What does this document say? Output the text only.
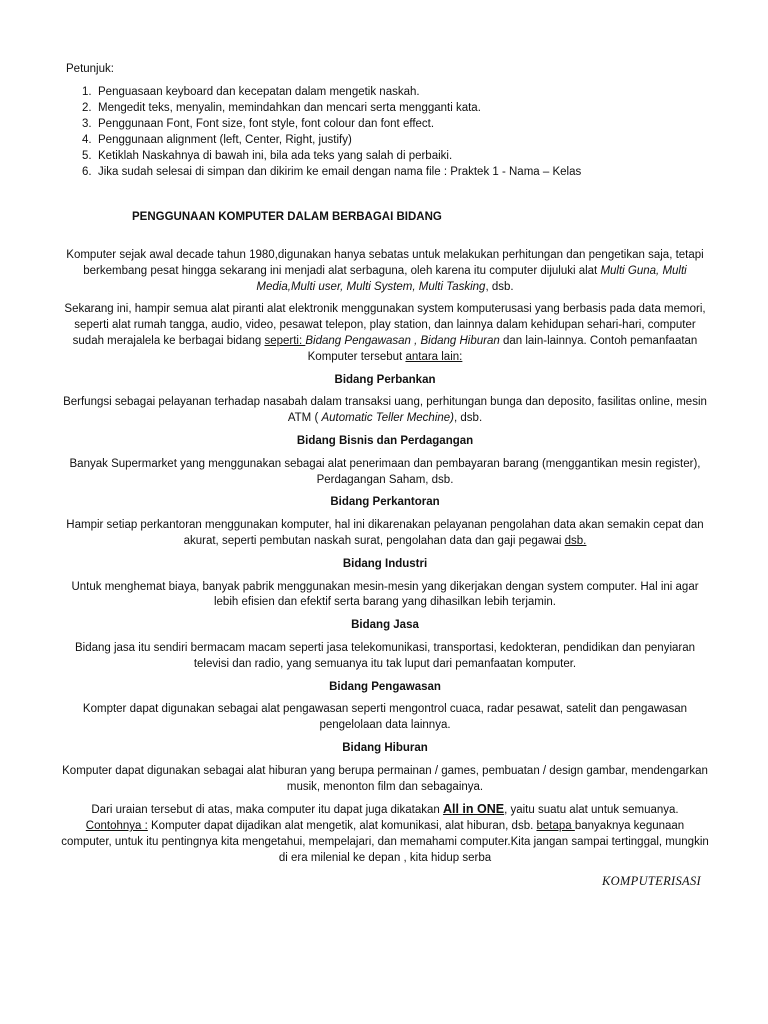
Petunjuk:
1. Penguasaan keyboard dan kecepatan dalam mengetik naskah.
2. Mengedit teks, menyalin, memindahkan dan mencari serta mengganti kata.
3. Penggunaan Font, Font size, font style, font colour dan font effect.
4. Penggunaan alignment (left, Center, Right, justify)
5. Ketiklah Naskahnya di bawah ini, bila ada teks yang salah di perbaiki.
6. Jika sudah selesai di simpan dan dikirim ke email dengan nama file : Praktek 1 - Nama – Kelas
PENGGUNAAN KOMPUTER DALAM BERBAGAI BIDANG

Komputer sejak awal decade tahun 1980,digunakan hanya sebatas untuk melakukan perhitungan dan pengetikan saja, tetapi berkembang pesat hingga sekarang ini menjadi alat serbaguna, oleh karena itu computer dijuluki alat Multi Guna, Multi Media,Multi user, Multi System, Multi Tasking, dsb.

Sekarang ini, hampir semua alat piranti alat elektronik menggunakan system komputerusasi yang berbasis pada data memori, seperti alat rumah tangga, audio, video, pesawat telepon, play station, dan lainnya dalam kehidupan sehari-hari, computer sudah merajalela ke berbagai bidang seperti: Bidang Pengawasan , Bidang Hiburan dan lain-lainnya. Contoh pemanfaatan Komputer tersebut antara lain:

Bidang Perbankan

Berfungsi sebagai pelayanan terhadap nasabah dalam transaksi uang, perhitungan bunga dan deposito, fasilitas online, mesin ATM ( Automatic Teller Mechine), dsb.

Bidang Bisnis dan Perdagangan

Banyak Supermarket yang menggunakan sebagai alat penerimaan dan pembayaran barang (menggantikan mesin register), Perdagangan Saham, dsb.

Bidang Perkantoran

Hampir setiap perkantoran menggunakan komputer, hal ini dikarenakan pelayanan pengolahan data akan semakin cepat dan akurat, seperti pembutan naskah surat, pengolahan data dan gaji pegawai dsb.

Bidang Industri

Untuk menghemat biaya, banyak pabrik menggunakan mesin-mesin yang dikerjakan dengan system computer. Hal ini agar lebih efisien dan efektif serta barang yang dihasilkan lebih terjamin.

Bidang Jasa

Bidang jasa itu sendiri bermacam macam seperti jasa telekomunikasi, transportasi, kedokteran, pendidikan dan penyiaran televisi dan radio, yang semuanya itu tak luput dari pemanfaatan komputer.

Bidang Pengawasan

Kompter dapat digunakan sebagai alat pengawasan seperti mengontrol cuaca, radar pesawat, satelit dan pengawasan pengelolaan data lainnya.

Bidang Hiburan

Komputer dapat digunakan sebagai alat hiburan yang berupa permainan / games, pembuatan / design gambar, mendengarkan musik, menonton film dan sebagainya.

Dari uraian tersebut di atas, maka computer itu dapat juga dikatakan All in ONE, yaitu suatu alat untuk semuanya.
Contohnya : Komputer dapat dijadikan alat mengetik, alat komunikasi, alat hiburan, dsb. betapa banyaknya kegunaan computer, untuk itu pentingnya kita mengetahui, mempelajari, dan memahami computer.Kita jangan sampai tertinggal, mungkin di era milenial ke depan , kita hidup serba

KOMPUTERISASI
